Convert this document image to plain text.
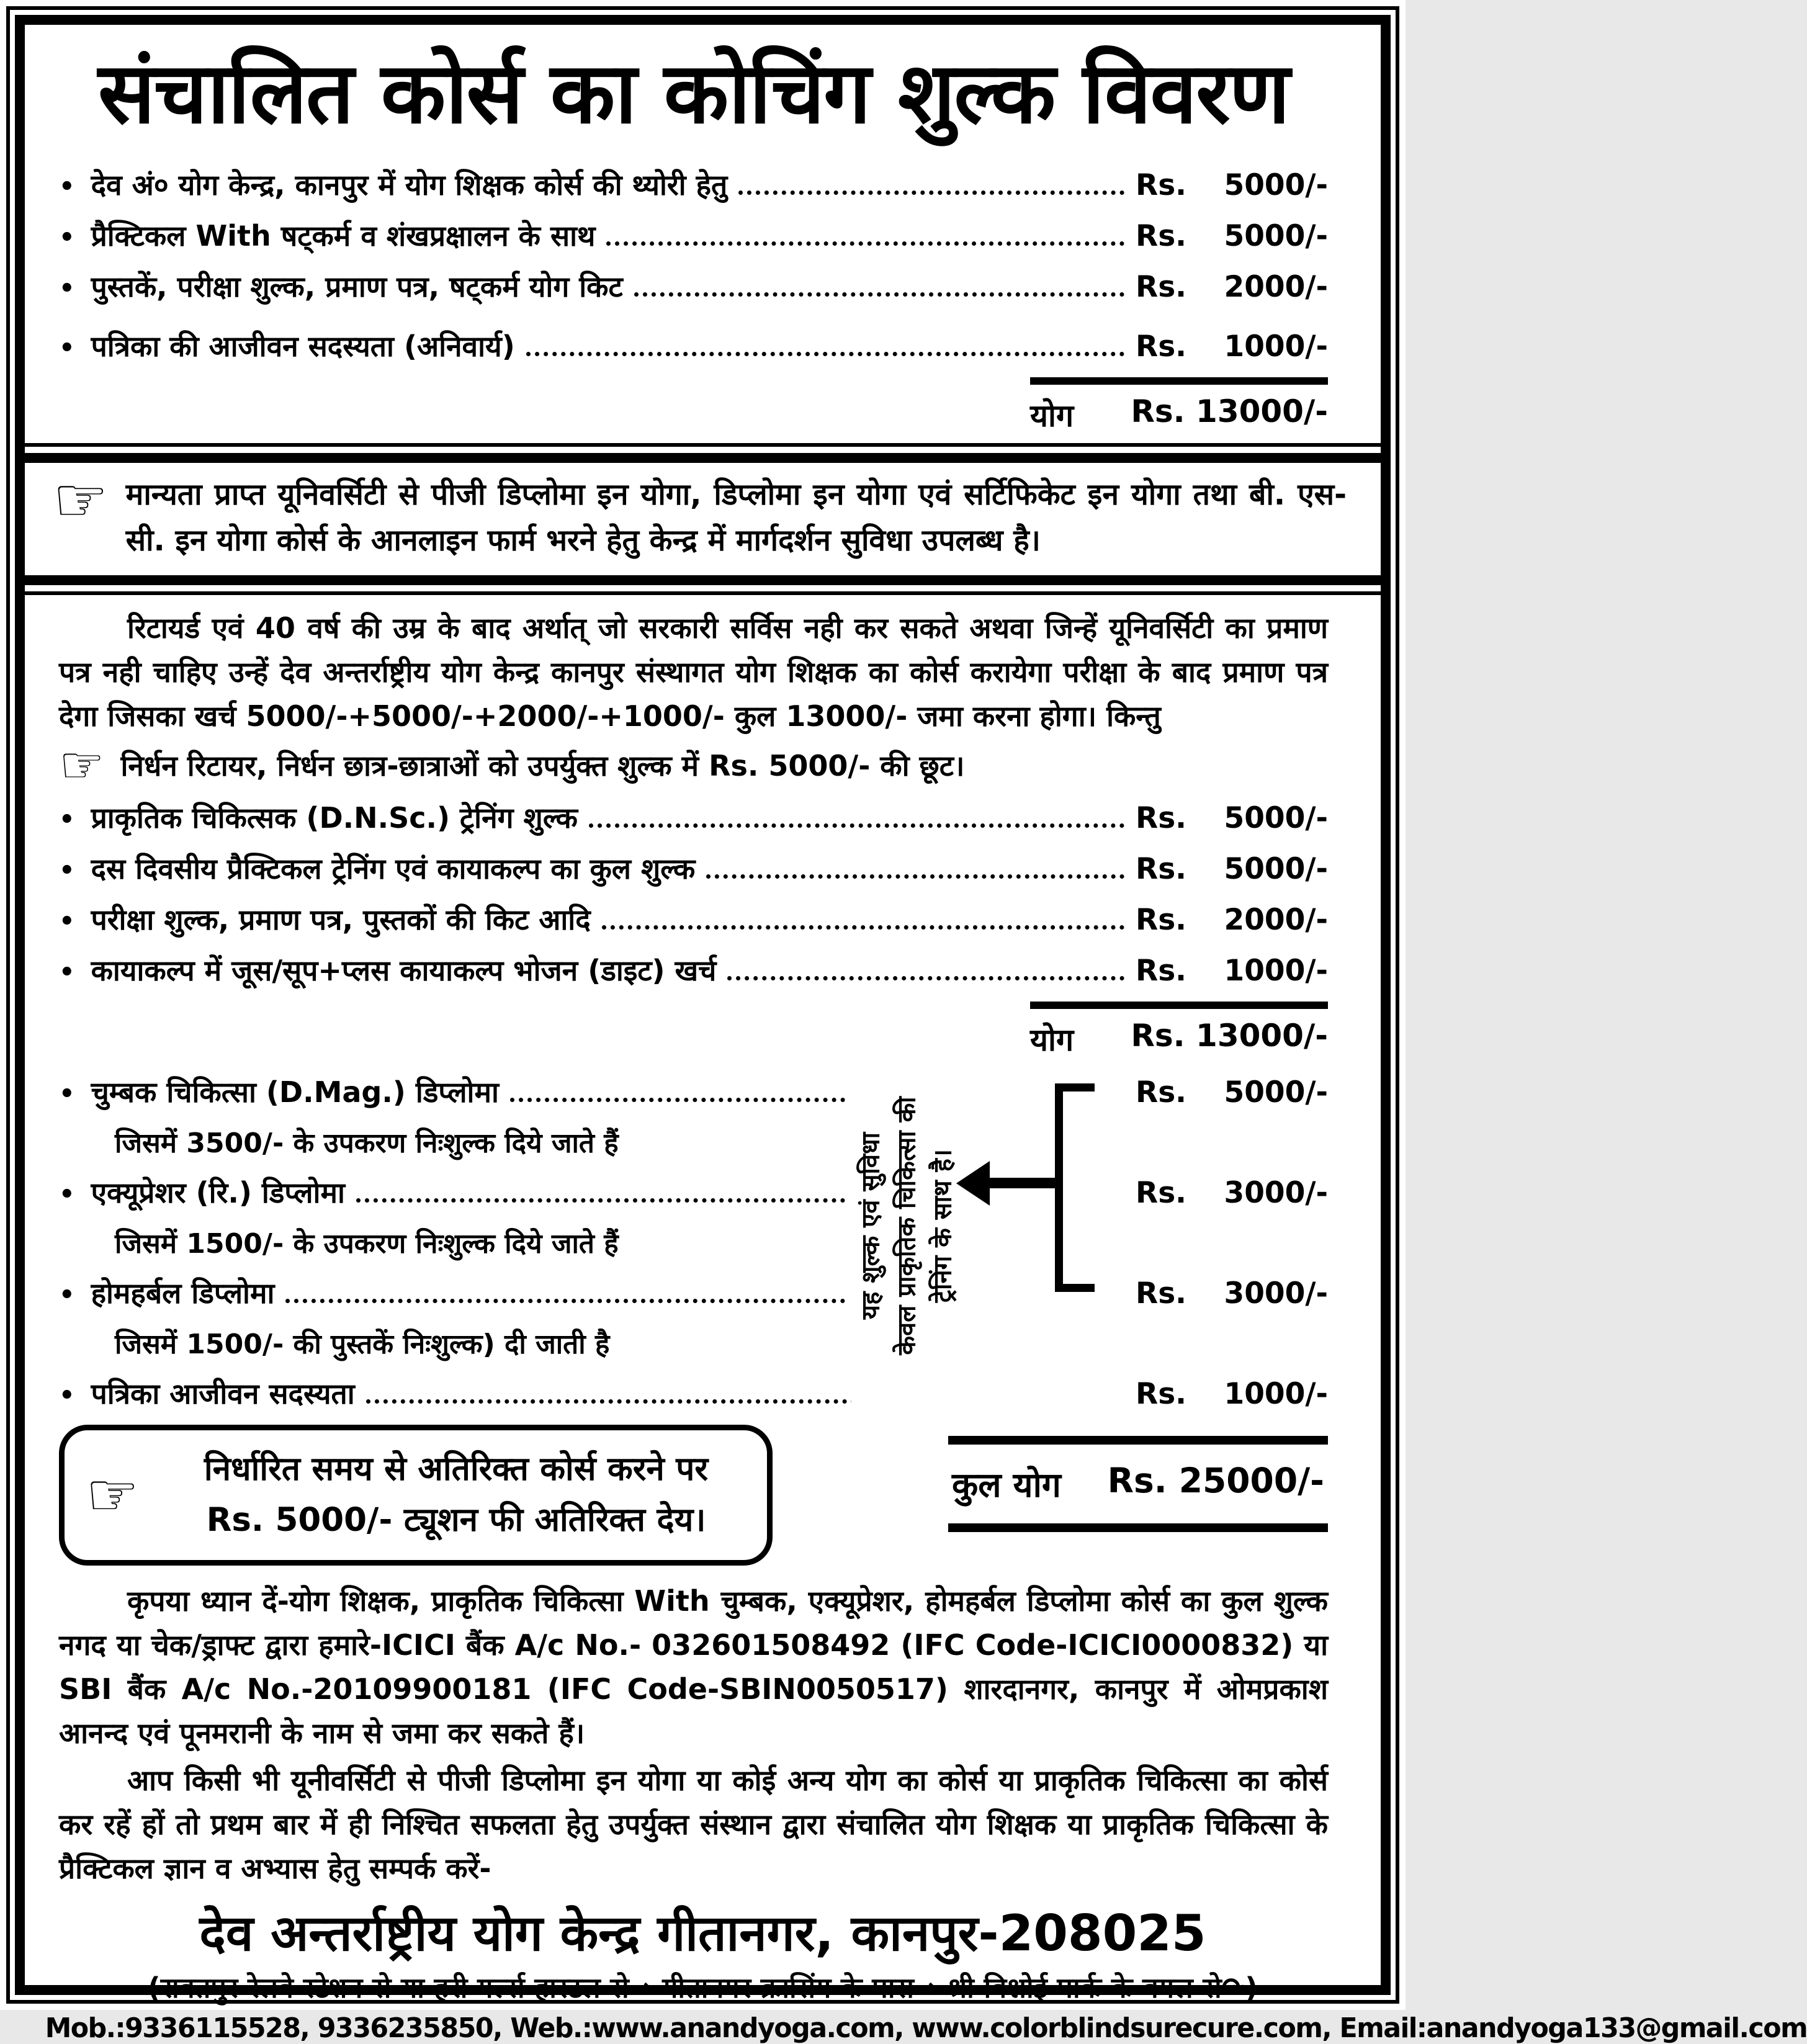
संचालित कोर्स का कोचिंग शुल्क विवरण
• देव अं० योग केन्द्र, कानपुर में योग शिक्षक कोर्स की थ्योरी हेतु	Rs. 5000/-
• प्रैक्टिकल With षट्कर्म व शंखप्रक्षालन के साथ	Rs. 5000/-
• पुस्तकें, परीक्षा शुल्क, प्रमाण पत्र, षट्कर्म योग किट	Rs. 2000/-
• पत्रिका की आजीवन सदस्यता (अनिवार्य)	Rs. 1000/-
योग Rs. 13000/-
☞ मान्यता प्राप्त यूनिवर्सिटी से पीजी डिप्लोमा इन योगा, डिप्लोमा इन योगा एवं सर्टिफिकेट इन योगा तथा बी. एस-सी. इन योगा कोर्स के आनलाइन फार्म भरने हेतु केन्द्र में मार्गदर्शन सुविधा उपलब्ध है।
रिटायर्ड एवं 40 वर्ष की उम्र के बाद अर्थात् जो सरकारी सर्विस नही कर सकते अथवा जिन्हें यूनिवर्सिटी का प्रमाण पत्र नही चाहिए उन्हें देव अन्तर्राष्ट्रीय योग केन्द्र कानपुर संस्थागत योग शिक्षक का कोर्स करायेगा परीक्षा के बाद प्रमाण पत्र देगा जिसका खर्च 5000/-+5000/-+2000/-+1000/- कुल 13000/- जमा करना होगा। किन्तु
☞ निर्धन रिटायर, निर्धन छात्र-छात्राओं को उपर्युक्त शुल्क में Rs. 5000/- की छूट।
• प्राकृतिक चिकित्सक (D.N.Sc.) ट्रेनिंग शुल्क	Rs. 5000/-
• दस दिवसीय प्रैक्टिकल ट्रेनिंग एवं कायाकल्प का कुल शुल्क	Rs. 5000/-
• परीक्षा शुल्क, प्रमाण पत्र, पुस्तकों की किट आदि	Rs. 2000/-
• कायाकल्प में जूस/सूप+प्लस कायाकल्प भोजन (डाइट) खर्च	Rs. 1000/-
योग Rs. 13000/-
• चुम्बक चिकित्सा (D.Mag.) डिप्लोमा	Rs. 5000/-
जिसमें 3500/- के उपकरण निःशुल्क दिये जाते हैं
• एक्यूप्रेशर (रि.) डिप्लोमा	Rs. 3000/-
जिसमें 1500/- के उपकरण निःशुल्क दिये जाते हैं
• होमहर्बल डिप्लोमा	Rs. 3000/-
जिसमें 1500/- की पुस्तकें निःशुल्क) दी जाती है
• पत्रिका आजीवन सदस्यता	Rs. 1000/-
यह शुल्क एवं सुविधा केवल प्राकृतिक चिकित्सा की ट्रेनिंग के साथ है।
☞	निर्धारित समय से अतिरिक्त कोर्स करने पर
Rs. 5000/- ट्यूशन फी अतिरिक्त देय।
कुल योग Rs. 25000/-
कृपया ध्यान दें-योग शिक्षक, प्राकृतिक चिकित्सा With चुम्बक, एक्यूप्रेशर, होमहर्बल डिप्लोमा कोर्स का कुल शुल्क नगद या चेक/ड्राफ्ट द्वारा हमारे-ICICI बैंक A/c No.- 032601508492 (IFC Code-ICICI0000832) या SBI बैंक A/c No.-20109900181 (IFC Code-SBIN0050517) शारदानगर, कानपुर में ओमप्रकाश आनन्द एवं पूनमरानी के नाम से जमा कर सकते हैं।
आप किसी भी यूनीवर्सिटी से पीजी डिप्लोमा इन योगा या कोई अन्य योग का कोर्स या प्राकृतिक चिकित्सा का कोर्स कर रहें हों तो प्रथम बार में ही निश्चित सफलता हेतु उपर्युक्त संस्थान द्वारा संचालित योग शिक्षक या प्राकृतिक चिकित्सा के प्रैक्टिकल ज्ञान व अभ्यास हेतु सम्पर्क करें-
देव अन्तर्राष्ट्रीय योग केन्द्र गीतानगर, कानपुर-208025
(रावतपुर रेलवे स्टेशन से या हरी गर्ल्स हास्टल से→ गीतानगर क्रासिंग के पास→ श्री विश्नोई पार्क के बगल से↷)
Mob.:9336115528, 9336235850, Web.:www.anandyoga.com, www.colorblindsurecure.com, Email:anandyoga133@gmail.com
